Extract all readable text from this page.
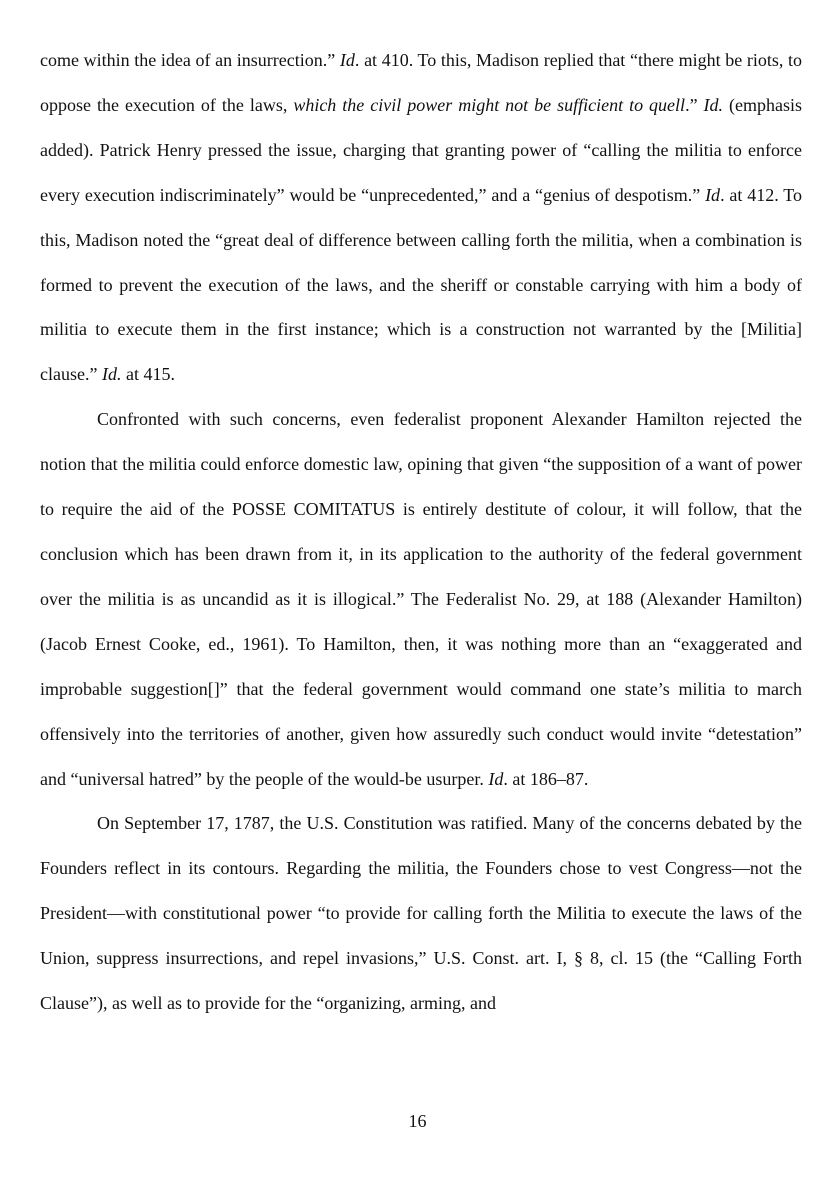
come within the idea of an insurrection.” Id. at 410. To this, Madison replied that “there might be riots, to oppose the execution of the laws, which the civil power might not be sufficient to quell.” Id. (emphasis added). Patrick Henry pressed the issue, charging that granting power of “calling the militia to enforce every execution indiscriminately” would be “unprecedented,” and a “genius of despotism.” Id. at 412. To this, Madison noted the “great deal of difference between calling forth the militia, when a combination is formed to prevent the execution of the laws, and the sheriff or constable carrying with him a body of militia to execute them in the first instance; which is a construction not warranted by the [Militia] clause.” Id. at 415.

Confronted with such concerns, even federalist proponent Alexander Hamilton rejected the notion that the militia could enforce domestic law, opining that given “the supposition of a want of power to require the aid of the POSSE COMITATUS is entirely destitute of colour, it will follow, that the conclusion which has been drawn from it, in its application to the authority of the federal government over the militia is as uncandid as it is illogical.” The Federalist No. 29, at 188 (Alexander Hamilton) (Jacob Ernest Cooke, ed., 1961). To Hamilton, then, it was nothing more than an “exaggerated and improbable suggestion[]” that the federal government would command one state’s militia to march offensively into the territories of another, given how assuredly such conduct would invite “detestation” and “universal hatred” by the people of the would-be usurper. Id. at 186–87.

On September 17, 1787, the U.S. Constitution was ratified. Many of the concerns debated by the Founders reflect in its contours. Regarding the militia, the Founders chose to vest Congress—not the President—with constitutional power “to provide for calling forth the Militia to execute the laws of the Union, suppress insurrections, and repel invasions,” U.S. Const. art. I, § 8, cl. 15 (the “Calling Forth Clause”), as well as to provide for the “organizing, arming, and

16
